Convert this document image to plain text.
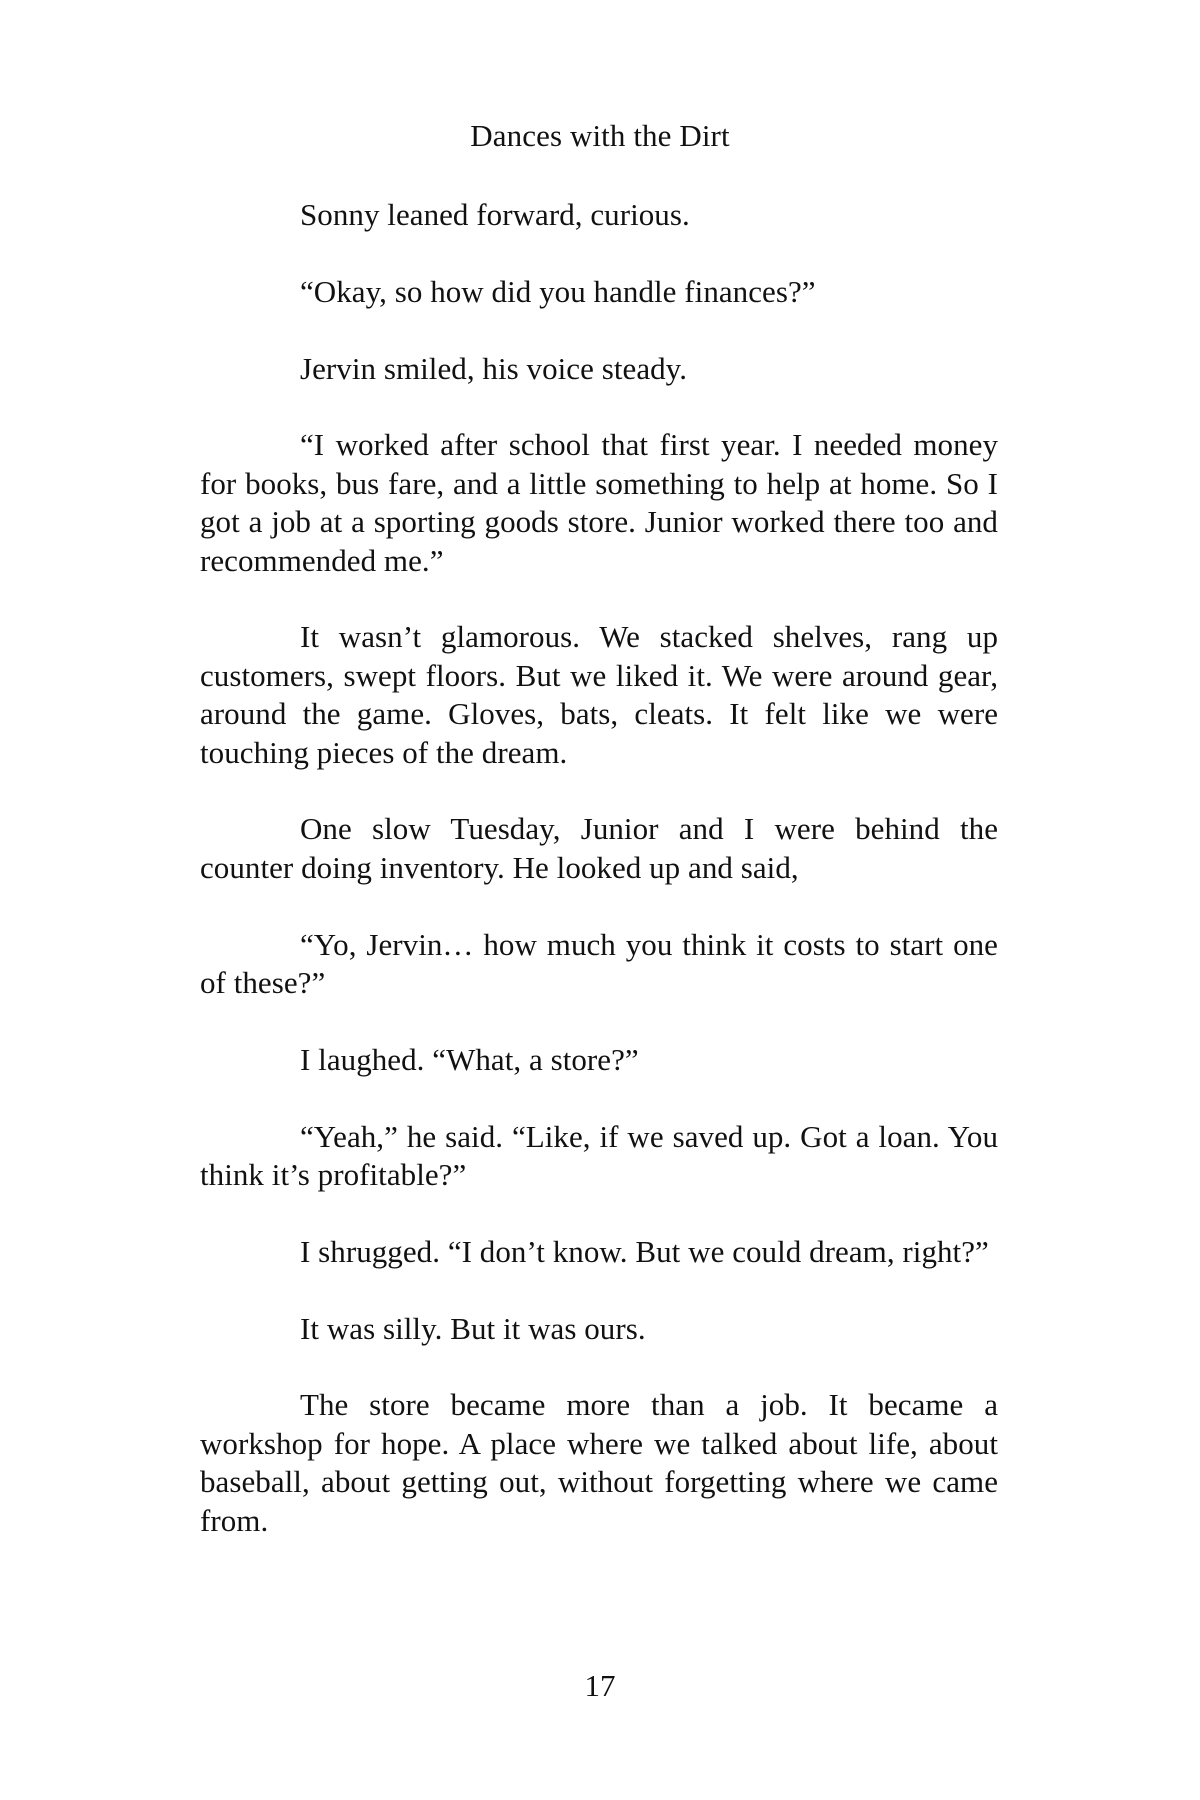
Dances with the Dirt

Sonny leaned forward, curious.

“Okay, so how did you handle finances?”

Jervin smiled, his voice steady.

“I worked after school that first year. I needed money for books, bus fare, and a little something to help at home. So I got a job at a sporting goods store. Junior worked there too and recommended me.”

It wasn’t glamorous. We stacked shelves, rang up customers, swept floors. But we liked it. We were around gear, around the game. Gloves, bats, cleats. It felt like we were touching pieces of the dream.

One slow Tuesday, Junior and I were behind the counter doing inventory. He looked up and said,

“Yo, Jervin… how much you think it costs to start one of these?”

I laughed. “What, a store?”

“Yeah,” he said. “Like, if we saved up. Got a loan. You think it’s profitable?”

I shrugged. “I don’t know. But we could dream, right?”

It was silly. But it was ours.

The store became more than a job. It became a workshop for hope. A place where we talked about life, about baseball, about getting out, without forgetting where we came from.

17
